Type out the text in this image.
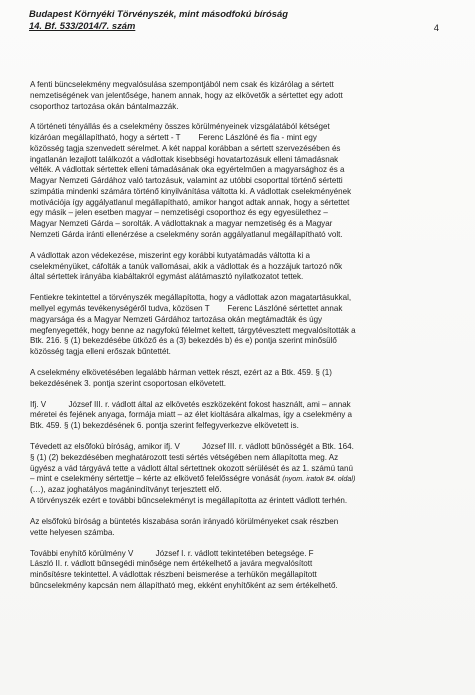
Budapest Környéki Törvényszék, mint másodfokú bíróság
14. Bf. 533/2014/7. szám	4
A fenti büncselekmény megvalósulása szempontjából nem csak és kizárólag a sértett
nemzetiségének van jelentősége, hanem annak, hogy az elkövetők a sértettet egy adott
csoporthoz tartozása okán bántalmazzák.
A történeti tényállás és a cselekmény összes körülményeinek vizsgálatából kétséget
kizáróan megállapítható, hogy a sértett - T        Ferenc Lászlóné és fia - mint egy
közösség tagja szenvedett sérelmet. A két nappal korábban a sértett szervezésében és
ingatlanán lezajlott találkozót a vádlottak kisebbségi hovatartozásuk elleni támadásnak
vélték. A vádlottak sértettek elleni támadásának oka egyértelműen a magyarsághoz és a
Magyar Nemzeti Gárdához való tartozásuk, valamint az utóbbi csoporttal történő sértetti
szimpátia mindenki számára történő kinyilvánítása váltotta ki. A vádlottak cselekményének
motivációja így aggályatlanul megállapítható, amikor hangot adtak annak, hogy a sértettet
egy másik – jelen esetben magyar – nemzetiségi csoporthoz és egy egyesülethez –
Magyar Nemzeti Gárda – sorolták. A vádlottaknak a magyar nemzetiség és a Magyar
Nemzeti Gárda iránti ellenérzése a cselekmény során aggályatlanul megállapítható volt.
A vádlottak azon védekezése, miszerint egy korábbi kutyatámadás váltotta ki a
cselekményüket, cáfolták a tanúk vallomásai, akik a vádlottak és a hozzájuk tartozó nők
által sértettek irányába kiabáltakról egymást alátámasztó nyilatkozatot tettek.
Fentiekre tekintettel a törvényszék megállapította, hogy a vádlottak azon magatartásukkal,
mellyel egymás tevékenységéről tudva, közösen T        Ferenc Lászlóné sértettet annak
magyarsága és a Magyar Nemzeti Gárdához tartozása okán megtámadták és úgy
megfenyegették, hogy benne az nagyfokú félelmet keltett, tárgytévesztett megvalósították a
Btk. 216. § (1) bekezdésébe ütköző és a (3) bekezdés b) és e) pontja szerint minősülő
közösség tagja elleni erőszak bűntettét.
A cselekmény elkövetésében legalább hárman vettek részt, ezért az a Btk. 459. § (1)
bekezdésének 3. pontja szerint csoportosan elkövetett.
Ifj. V          József III. r. vádlott által az elkövetés eszközeként fokost használt, ami – annak
méretei és fejének anyaga, formája miatt – az élet kioltására alkalmas, így a cselekmény a
Btk. 459. § (1) bekezdésének 6. pontja szerint felfegyverkezve elkövetett is.
Tévedett az elsőfokú bíróság, amikor ifj. V          József III. r. vádlott bűnösségét a Btk. 164.
§ (1) (2) bekezdésében meghatározott testi sértés vétségében nem állapította meg. Az
ügyész a vád tárgyává tette a vádlott által sértettnek okozott sérülését és az 1. számú tanú
– mint e cselekmény sértettje – kérte az elkövető felelősségre vonását (nyom. iratok 84. oldal)
(…), azaz joghatályos magánindítványt terjesztett elő.
A törvényszék ezért e további bűncselekményt is megállapította az érintett vádlott terhén.
Az elsőfokú bíróság a büntetés kiszabása során irányadó körülményeket csak részben
vette helyesen számba.
További enyhítő körülmény V          József I. r. vádlott tekintetében betegsége. F
László II. r. vádlott bűnsegédi minősége nem értékelhető a javára megvalósított
minősítésre tekintettel. A vádlottak részbeni beismerése a terhükön megállapított
bűncselekmény kapcsán nem állapítható meg, ekként enyhítőként az sem értékelhető.
